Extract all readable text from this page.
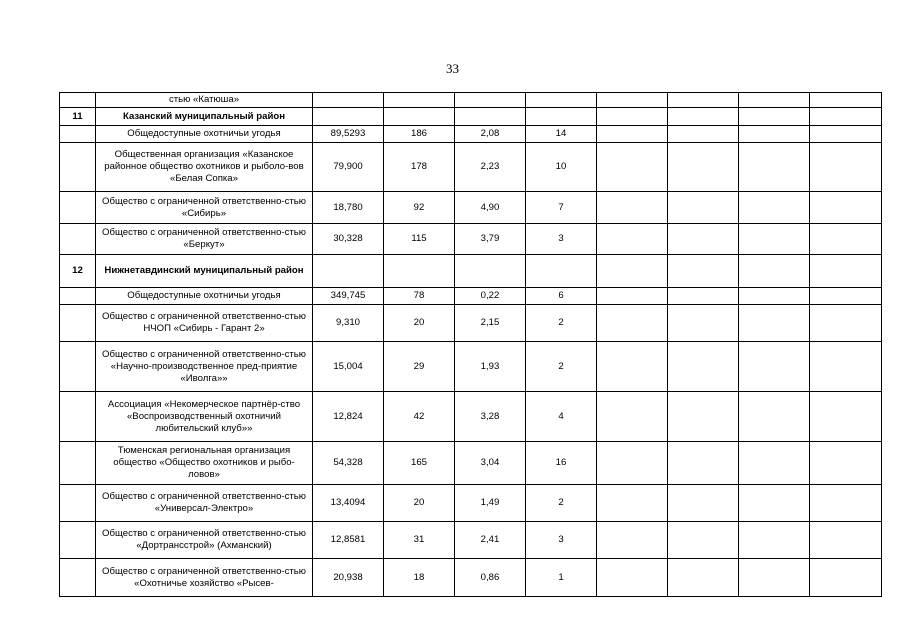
33
	стью «Катюша»								
11	Казанский муниципальный район								
	Общедоступные охотничьи угодья	89,5293	186	2,08	14				
	Общественная организация «Казанское районное общество охотников и рыболо-вов «Белая Сопка»	79,900	178	2,23	10				
	Общество с ограниченной ответственно-стью «Сибирь»	18,780	92	4,90	7				
	Общество с ограниченной ответственно-стью «Беркут»	30,328	115	3,79	3				
12	Нижнетавдинский муниципальный район								
	Общедоступные охотничьи угодья	349,745	78	0,22	6				
	Общество с ограниченной ответственно-стью НЧОП «Сибирь - Гарант 2»	9,310	20	2,15	2				
	Общество с ограниченной ответственно-стью «Научно-производственное пред-приятие «Иволга»»	15,004	29	1,93	2				
	Ассоциация «Некомерческое партнёр-ство «Воспроизводственный охотничий любительский клуб»»	12,824	42	3,28	4				
	Тюменская региональная организация общество «Общество охотников и рыбо-ловов»	54,328	165	3,04	16				
	Общество с ограниченной ответственно-стью «Универсал-Электро»	13,4094	20	1,49	2				
	Общество с ограниченной ответственно-стью «Дортрансстрой» (Ахманский)	12,8581	31	2,41	3				
	Общество с ограниченной ответственно-стью «Охотничье хозяйство «Рысев-	20,938	18	0,86	1				
